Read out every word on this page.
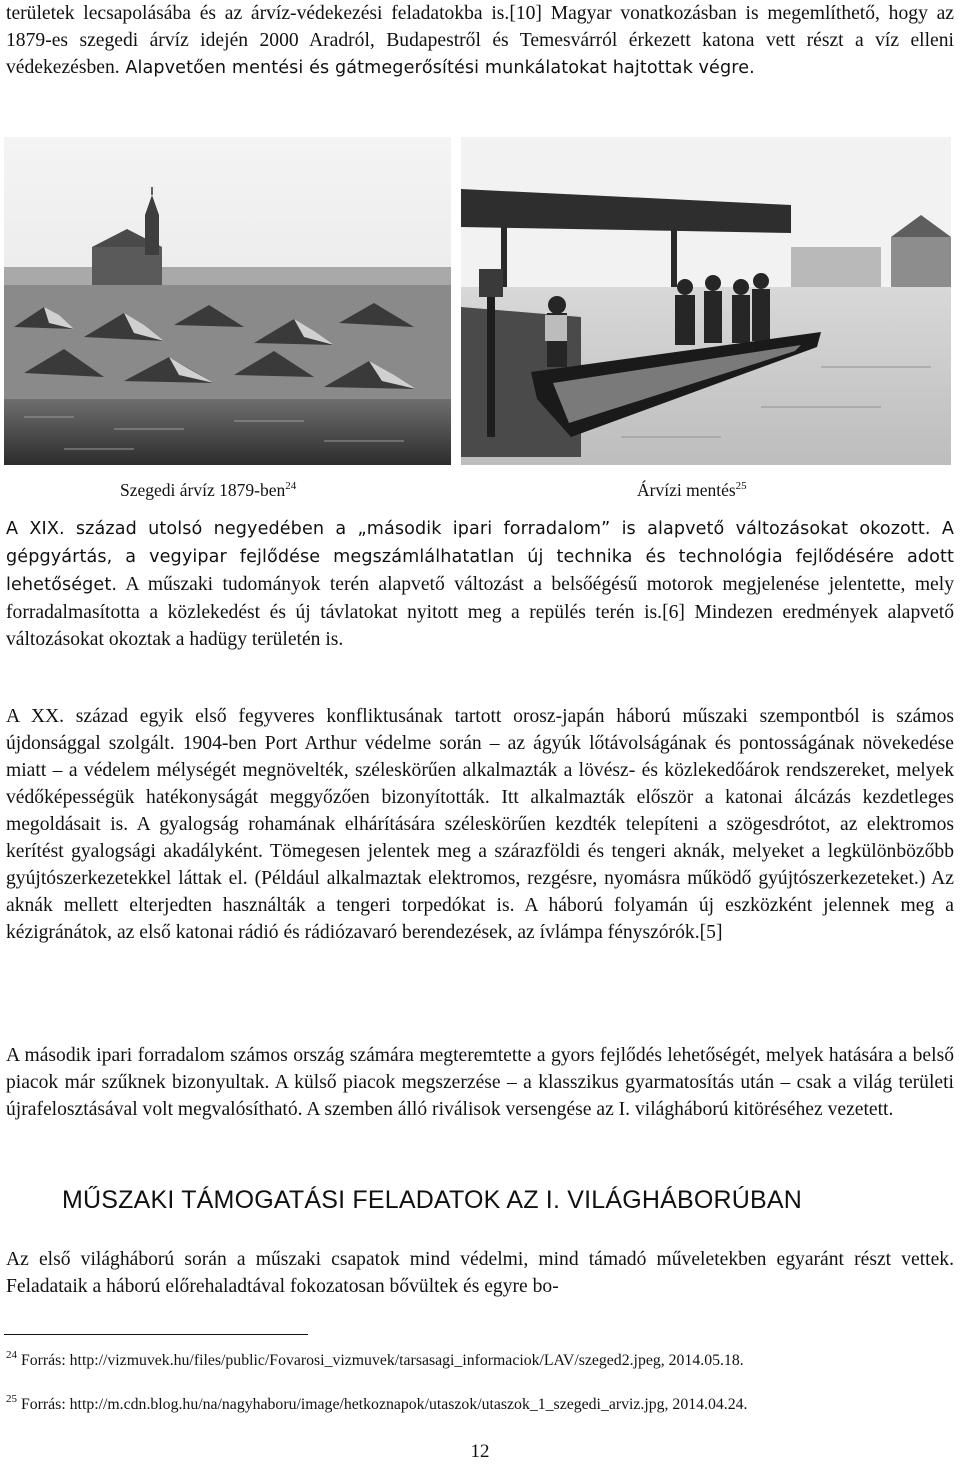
területek lecsapolásába és az árvíz-védekezési feladatokba is.[10] Magyar vonatkozásban is megemlíthető, hogy az 1879-es szegedi árvíz idején 2000 Aradról, Budapestről és Temesvárról érkezett katona vett részt a víz elleni védekezésben. Alapvetően mentési és gátmegerősítési munkálatokat hajtottak végre.

Szegedi árvíz 1879-ben$^{24}$	Árvízi mentés$^{25}$

A XIX. század utolsó negyedében a „második ipari forradalom” is alapvető változásokat okozott. A gépgyártás, a vegyipar fejlődése megszámlálhatatlan új technika és technológia fejlődésére adott lehetőséget. A műszaki tudományok terén alapvető változást a belsőégésű motorok megjelenése jelentette, mely forradalmasította a közlekedést és új távlatokat nyitott meg a repülés terén is.[6] Mindezen eredmények alapvető változásokat okoztak a hadügy területén is.

A XX. század egyik első fegyveres konfliktusának tartott orosz-japán háború műszaki szempontból is számos újdonsággal szolgált. 1904-ben Port Arthur védelme során – az ágyúk lőtávolságának és pontosságának növekedése miatt – a védelem mélységét megnövelték, széleskörűen alkalmazták a lövész- és közlekedőárok rendszereket, melyek védőképességük hatékonyságát meggyőzően bizonyították. Itt alkalmazták először a katonai álcázás kezdetleges megoldásait is. A gyalogság rohamának elhárítására széleskörűen kezdték telepíteni a szögesdrótot, az elektromos kerítést gyalogsági akadályként. Tömegesen jelentek meg a szárazföldi és tengeri aknák, melyeket a legkülönbözőbb gyújtószerkezetekkel láttak el. (Például alkalmaztak elektromos, rezgésre, nyomásra működő gyújtószerkezeteket.) Az aknák mellett elterjedten használták a tengeri torpedókat is. A háború folyamán új eszközként jelennek meg a kézigránátok, az első katonai rádió és rádiózavaró berendezések, az ívlámpa fényszórók.[5]

A második ipari forradalom számos ország számára megteremtette a gyors fejlődés lehetőségét, melyek hatására a belső piacok már szűknek bizonyultak. A külső piacok megszerzése – a klasszikus gyarmatosítás után – csak a világ területi újrafelosztásával volt megvalósítható. A szemben álló riválisok versengése az I. világháború kitöréséhez vezetett.

MŰSZAKI TÁMOGATÁSI FELADATOK AZ I. VILÁGHÁBORÚBAN

Az első világháború során a műszaki csapatok mind védelmi, mind támadó műveletekben egyaránt részt vettek. Feladataik a háború előrehaladtával fokozatosan bővültek és egyre bo-

$^{24}$ Forrás: http://vizmuvek.hu/files/public/Fovarosi_vizmuvek/tarsasagi_informaciok/LAV/szeged2.jpeg, 2014.05.18.

$^{25}$ Forrás: http://m.cdn.blog.hu/na/nagyhaboru/image/hetkoznapok/utaszok/utaszok_1_szegedi_arviz.jpg, 2014.04.24.

12
